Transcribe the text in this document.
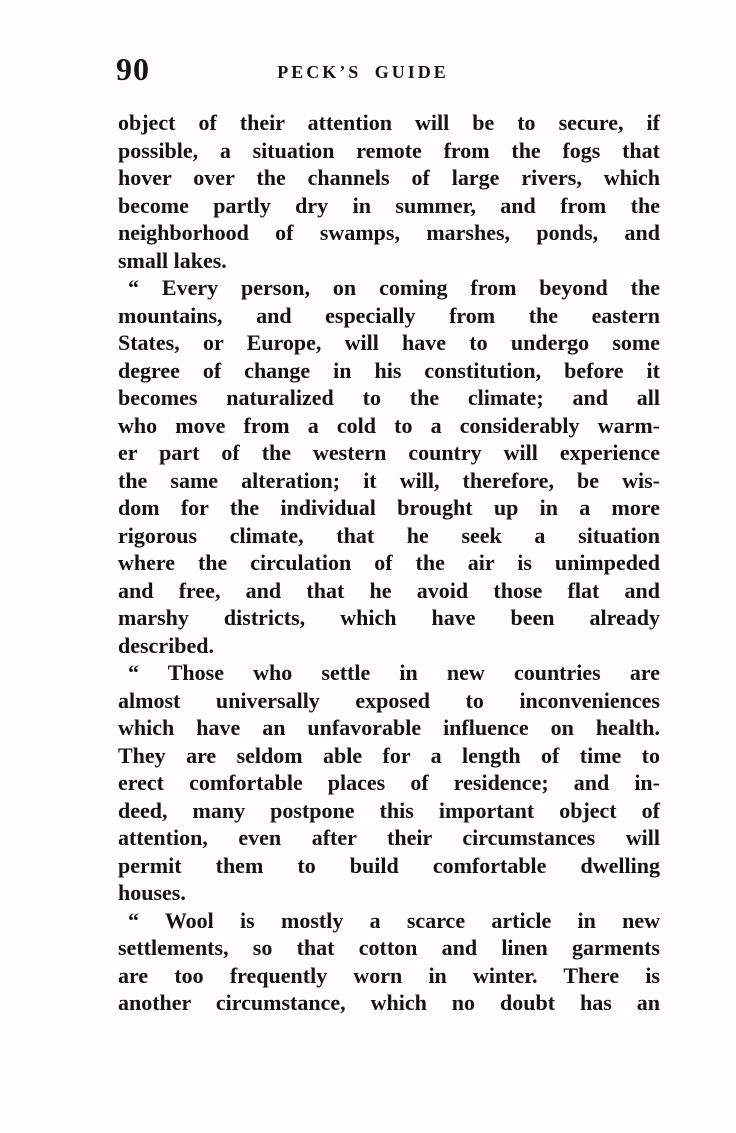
90	PECK’S GUIDE
object of their attention will be to secure, if
possible, a situation remote from the fogs that
hover over the channels of large rivers, which
become partly dry in summer, and from the
neighborhood of swamps, marshes, ponds, and
small lakes.
“ Every person, on coming from beyond the
mountains, and especially from the eastern
States, or Europe, will have to undergo some
degree of change in his constitution, before it
becomes naturalized to the climate; and all
who move from a cold to a considerably warm-
er part of the western country will experience
the same alteration; it will, therefore, be wis-
dom for the individual brought up in a more
rigorous climate, that he seek a situation
where the circulation of the air is unimpeded
and free, and that he avoid those flat and
marshy districts, which have been already
described.
“ Those who settle in new countries are
almost universally exposed to inconveniences
which have an unfavorable influence on health.
They are seldom able for a length of time to
erect comfortable places of residence; and in-
deed, many postpone this important object of
attention, even after their circumstances will
permit them to build comfortable dwelling
houses.
“ Wool is mostly a scarce article in new
settlements, so that cotton and linen garments
are too frequently worn in winter. There is
another circumstance, which no doubt has an
